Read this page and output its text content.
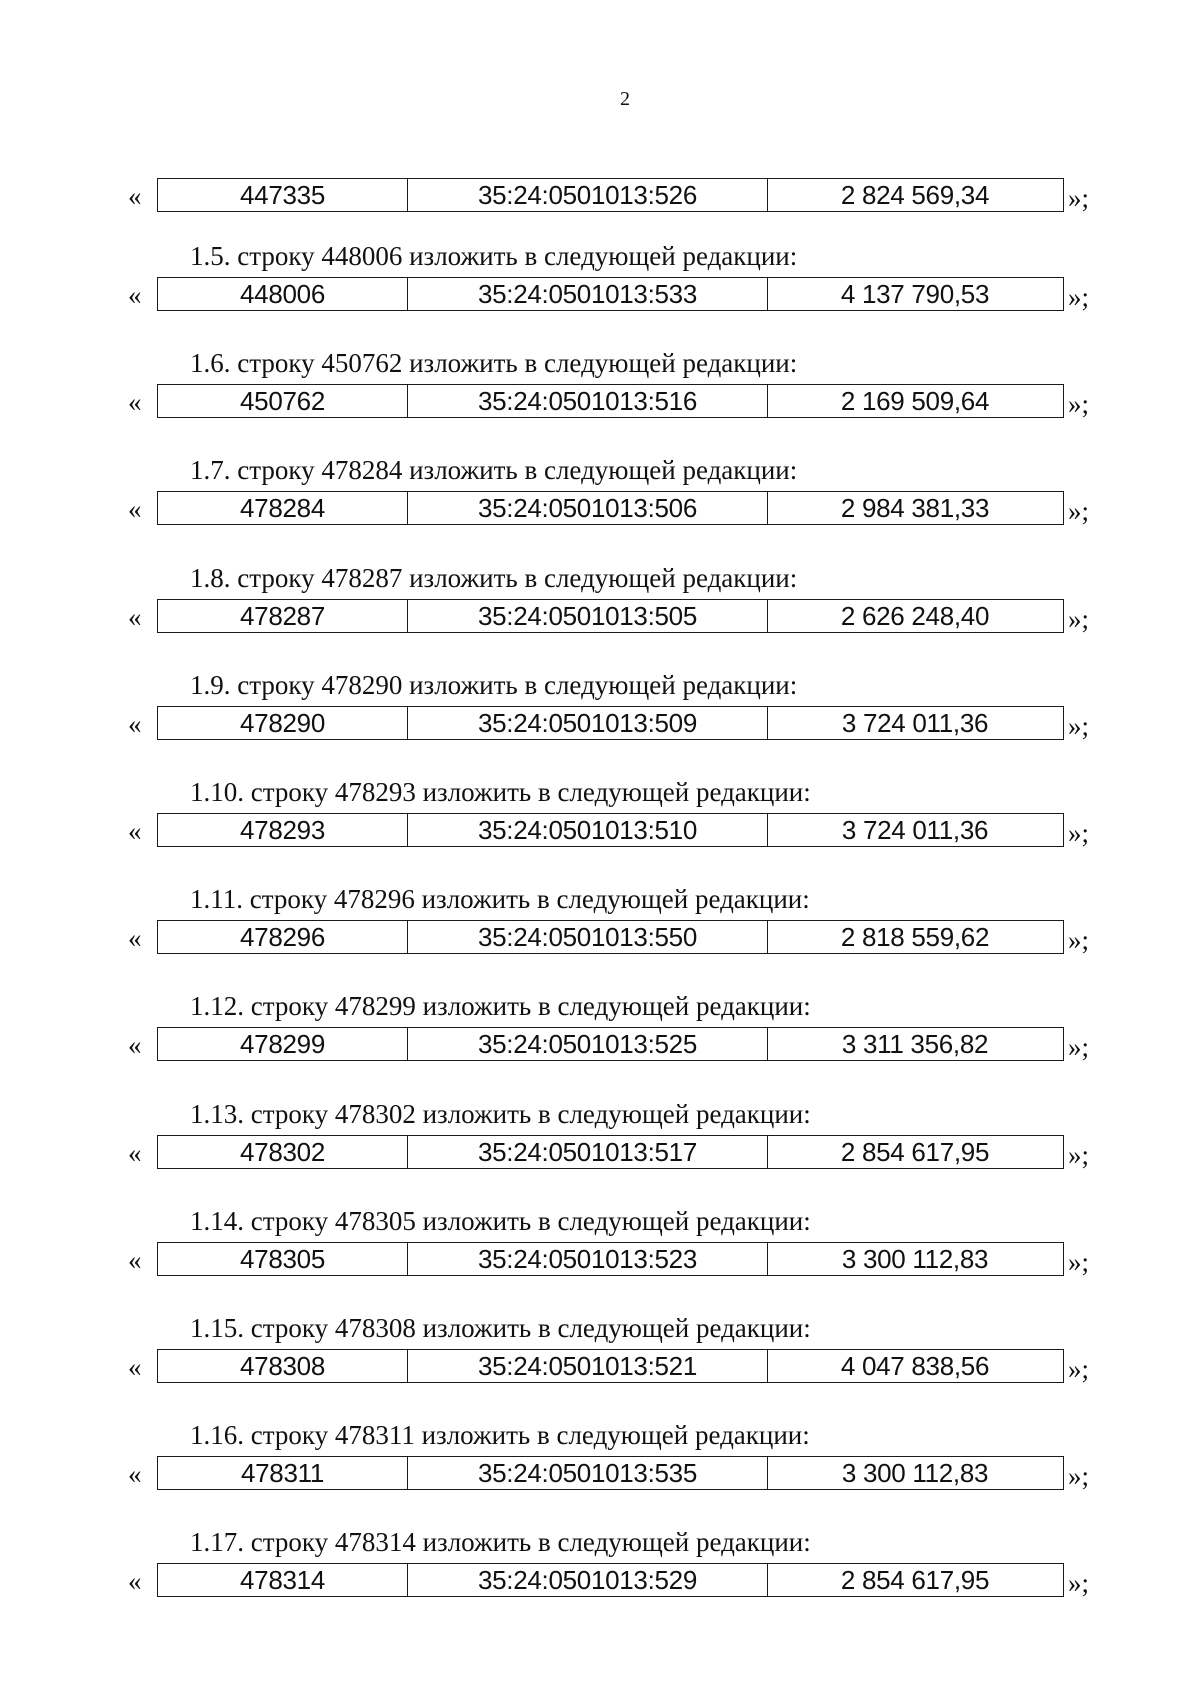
2
«	447335	35:24:0501013:526	2 824 569,34	»;
1.5. строку 448006 изложить в следующей редакции:
«	448006	35:24:0501013:533	4 137 790,53	»;
1.6. строку 450762 изложить в следующей редакции:
«	450762	35:24:0501013:516	2 169 509,64	»;
1.7. строку 478284 изложить в следующей редакции:
«	478284	35:24:0501013:506	2 984 381,33	»;
1.8. строку 478287 изложить в следующей редакции:
«	478287	35:24:0501013:505	2 626 248,40	»;
1.9. строку 478290 изложить в следующей редакции:
«	478290	35:24:0501013:509	3 724 011,36	»;
1.10. строку 478293 изложить в следующей редакции:
«	478293	35:24:0501013:510	3 724 011,36	»;
1.11. строку 478296 изложить в следующей редакции:
«	478296	35:24:0501013:550	2 818 559,62	»;
1.12. строку 478299 изложить в следующей редакции:
«	478299	35:24:0501013:525	3 311 356,82	»;
1.13. строку 478302 изложить в следующей редакции:
«	478302	35:24:0501013:517	2 854 617,95	»;
1.14. строку 478305 изложить в следующей редакции:
«	478305	35:24:0501013:523	3 300 112,83	»;
1.15. строку 478308 изложить в следующей редакции:
«	478308	35:24:0501013:521	4 047 838,56	»;
1.16. строку 478311 изложить в следующей редакции:
«	478311	35:24:0501013:535	3 300 112,83	»;
1.17. строку 478314 изложить в следующей редакции:
«	478314	35:24:0501013:529	2 854 617,95	»;
